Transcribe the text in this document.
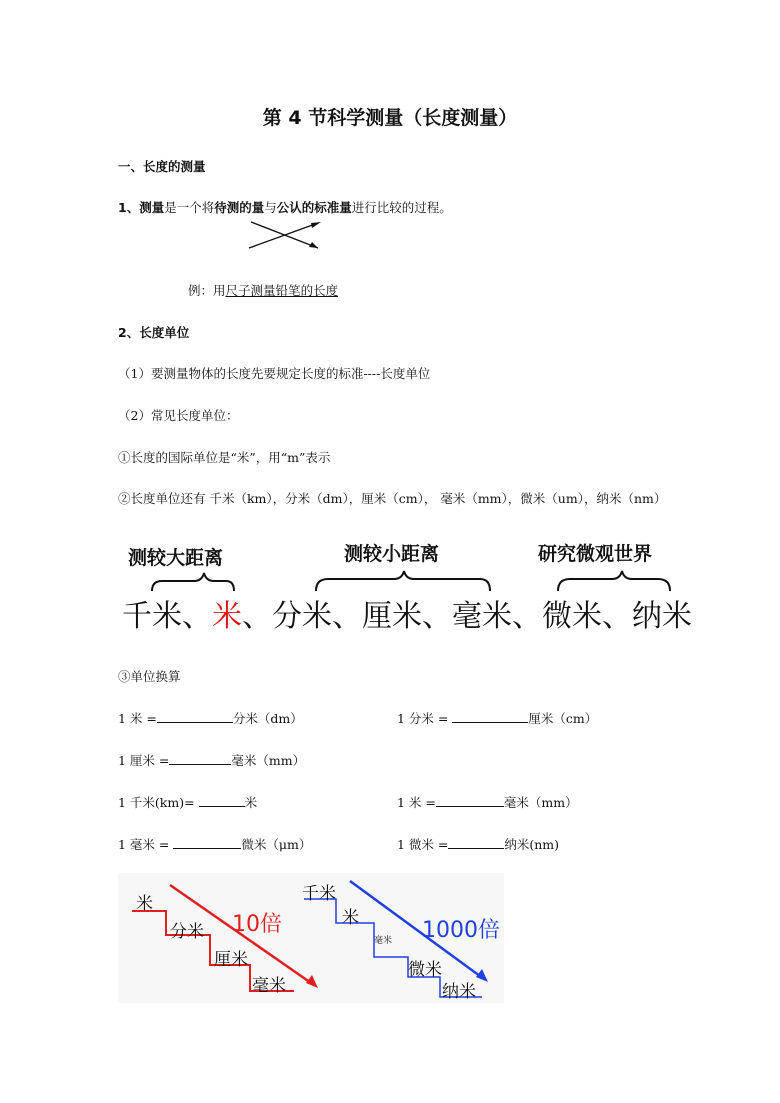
第 4 节科学测量（长度测量）
一、长度的测量
1、测量是一个将待测的量与公认的标准量进行比较的过程。
例：用尺子测量铅笔的长度
2、长度单位
（1）要测量物体的长度先要规定长度的标准----长度单位
（2）常见长度单位：
①长度的国际单位是“米”，用“m”表示
②长度单位还有 千米（km），分米（dm），厘米（cm）， 毫米（mm），微米（um），纳米（nm）
测较大距离	测较小距离	研究微观世界
千米、米、分米、厘米、毫米、微米、纳米
③单位换算
1 米 =	分米（dm）	1 分米 =	厘米（cm）
1 厘米 =	毫米（mm）
1 千米(km)=	米	1 米 =	毫米（mm）
1 毫米 =	微米（μm）	1 微米 =	纳米(nm)
米
分米
厘米
毫米
10倍
千米
米
毫米
微米
纳米
1000倍
